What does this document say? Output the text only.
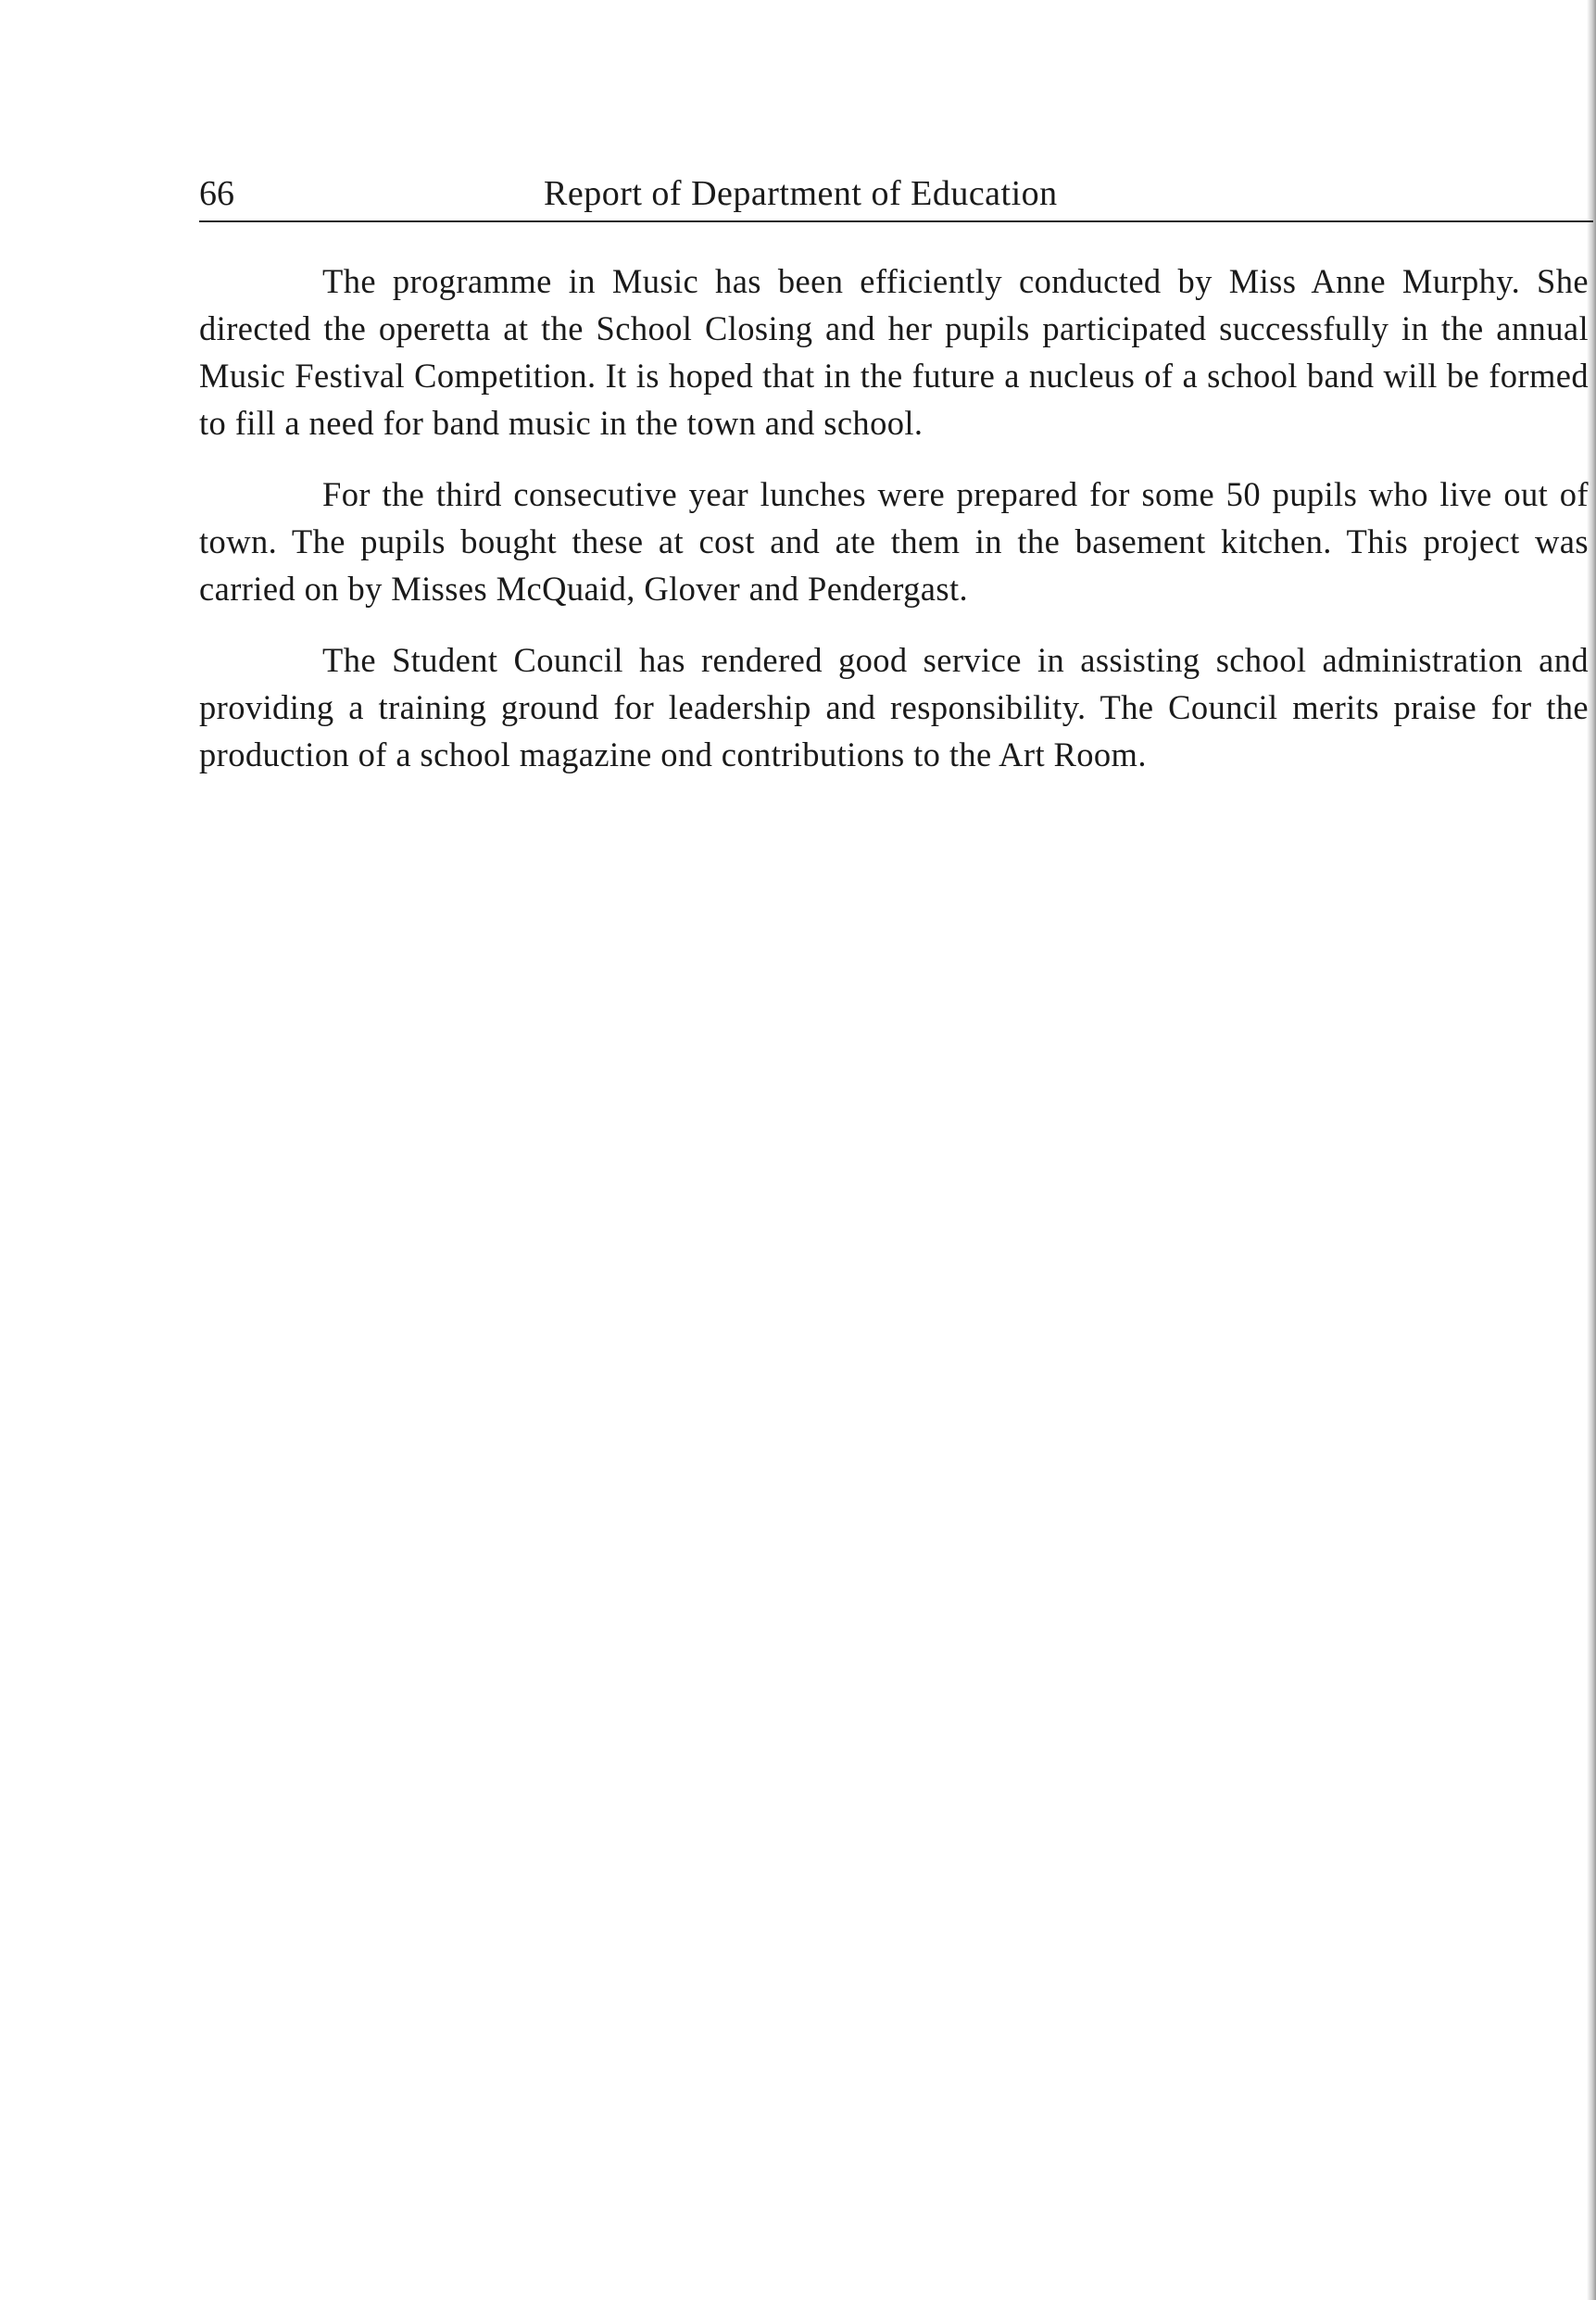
66	Report of Department of Education

The programme in Music has been efficiently conducted by Miss Anne Murphy. She directed the operetta at the School Closing and her pupils participated successfully in the annual Music Festival Competition. It is hoped that in the future a nucleus of a school band will be formed to fill a need for band music in the town and school.

For the third consecutive year lunches were prepared for some 50 pupils who live out of town. The pupils bought these at cost and ate them in the basement kitchen. This project was carried on by Misses McQuaid, Glover and Pendergast.

The Student Council has rendered good service in assisting school administration and providing a training ground for leadership and responsibility. The Council merits praise for the production of a school magazine ond contributions to the Art Room.
